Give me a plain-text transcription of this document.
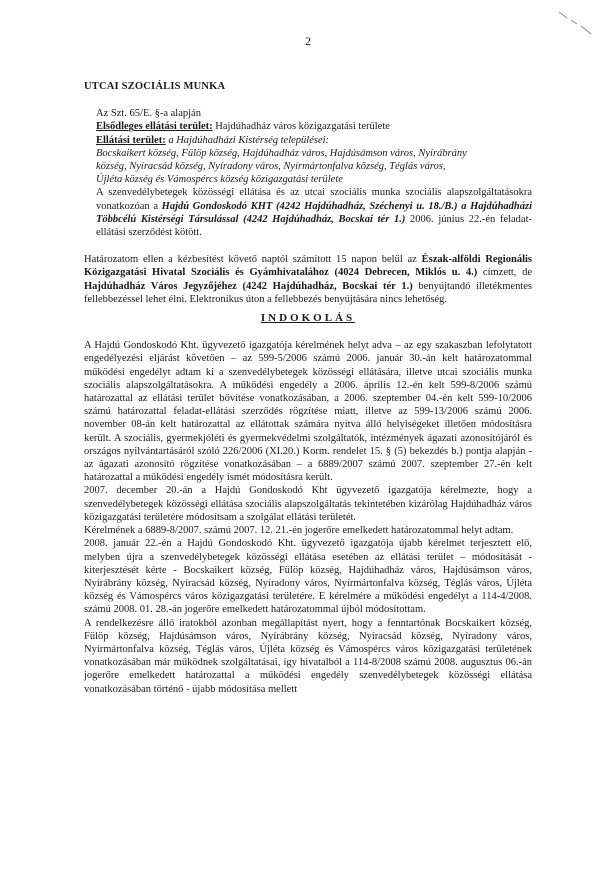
2
UTCAI SZOCIÁLIS MUNKA

Az Szt. 65/E. §-a alapján

Elsődleges ellátási terület: Hajdúhadház város közigazgatási területe

Ellátási terület: a Hajdúhadházi Kistérség települései:

Bocskaikert község, Fülöp község, Hajdúhadház város, Hajdúsámson város, Nyírábrány

község, Nyíracsád község, Nyíradony város, Nyírmártonfalva község, Téglás város,

Újléta község és Vámospércs község közigazgatási területe

A szenvedélybetegek közösségi ellátása és az utcai szociális munka szociális alapszolgáltatásokra vonatkozóan a Hajdú Gondoskodó KHT (4242 Hajdúhadház, Széchenyi u. 18./B.) a Hajdúhadházi Többcélú Kistérségi Társulással (4242 Hajdúhadház, Bocskai tér 1.) 2006. június 22.-én feladat-ellátási szerződést kötött.

Határozatom ellen a kézbesítést követő naptól számított 15 napon belül az Észak-alföldi Regionális Közigazgatási Hivatal Szociális és Gyámhivatalához (4024 Debrecen, Miklós u. 4.) címzett, de Hajdúhadház Város Jegyzőjéhez (4242 Hajdúhadház, Bocskai tér 1.) benyújtandó illetékmentes fellebbezéssel lehet élni. Elektronikus úton a fellebbezés benyújtására nincs lehetőség.

INDOKOLÁS

A Hajdú Gondoskodó Kht. ügyvezető igazgatója kérelmének helyt adva – az egy szakaszban lefolytatott engedélyezési eljárást követően – az 599-5/2006 számú 2006. január 30.-án kelt határozatommal működési engedélyt adtam ki a szenvedélybetegek közösségi ellátására, illetve utcai szociális munka szociális alapszolgáltatásokra. A működési engedély a 2006. április 12.-én kelt 599-8/2006 számú határozattal az ellátási terület bővítése vonatkozásában, a 2006. szeptember 04.-én kelt 599-10/2006 számú határozattal feladat-ellátási szerződés rögzítése miatt, illetve az 599-13/2006 számú 2006. november 08-án kelt határozattal az ellátottak számára nyitva álló helyiségeket illetően módosításra került. A szociális, gyermekjóléti és gyermekvédelmi szolgáltatók, intézmények ágazati azonosítójáról és országos nyilvántartásáról szóló 226/2006 (XI.20.) Korm. rendelet 15. § (5) bekezdés b.) pontja alapján - az ágazati azonosító rögzítése vonatkozásában – a 6889/2007 számú 2007. szeptember 27.-én kelt határozattal a működési engedély ismét módosításra került.

2007. december 20.-án a Hajdú Gondoskodó Kht ügyvezető igazgatója kérelmezte, hogy a szenvedélybetegek közösségi ellátása szociális alapszolgáltatás tekintetében kizárólag Hajdúhadház város közigazgatási területére módosítsam a szolgálat ellátási területét.

Kérelmének a 6889-8/2007. számú 2007. 12. 21.-én jogerőre emelkedett határozatommal helyt adtam.

2008. január 22.-én a Hajdú Gondoskodó Kht. ügyvezető igazgatója újabb kérelmet terjesztett elő, melyben újra a szenvedélybetegek közösségi ellátása esetében az ellátási terület – módosítását - kiterjesztését kérte - Bocskaikert község, Fülöp község, Hajdúhadház város, Hajdúsámson város, Nyírábrány község, Nyíracsád község, Nyíradony város, Nyírmártonfalva község, Téglás város, Újléta község és Vámospércs város közigazgatási területére. E kérelmére a működési engedélyt a 114-4/2008. számú 2008. 01. 28.-án jogerőre emelkedett határozatommal újból módosítottam.

A rendelkezésre álló iratokból azonban megállapítást nyert, hogy a fenntartónak Bocskaikert község, Fülöp község, Hajdúsámson város, Nyírábrány község, Nyíracsád község, Nyíradony város, Nyírmártonfalva község, Téglás város, Újléta község és Vámospércs város közigazgatási területének vonatkozásában már működnek szolgáltatásai, így hivatalból a 114-8/2008 számú 2008. augusztus 06.-án jogerőre emelkedett határozattal a működési engedély szenvedélybetegek közösségi ellátása vonatkozásában történő - újabb módosítása mellett
